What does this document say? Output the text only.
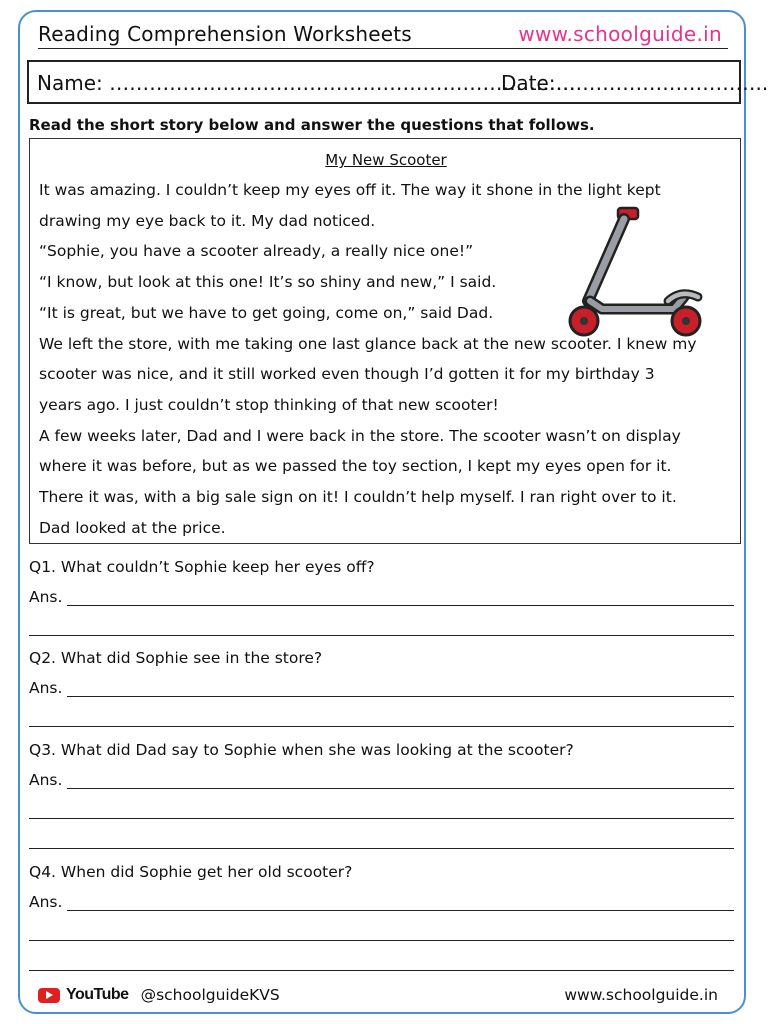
Reading Comprehension Worksheets	www.schoolguide.in
Name: …………………………………………………………….
Date:…………………………..
Read the short story below and answer the questions that follows.
My New Scooter
It was amazing. I couldn’t keep my eyes off it. The way it shone in the light kept
drawing my eye back to it. My dad noticed.
“Sophie, you have a scooter already, a really nice one!”
“I know, but look at this one! It’s so shiny and new,” I said.
“It is great, but we have to get going, come on,” said Dad.
We left the store, with me taking one last glance back at the new scooter. I knew my
scooter was nice, and it still worked even though I’d gotten it for my birthday 3
years ago. I just couldn’t stop thinking of that new scooter!
A few weeks later, Dad and I were back in the store. The scooter wasn’t on display
where it was before, but as we passed the toy section, I kept my eyes open for it.
There it was, with a big sale sign on it! I couldn’t help myself. I ran right over to it.
Dad looked at the price.
Q1. What couldn’t Sophie keep her eyes off?
Ans.
Q2. What did Sophie see in the store?
Ans.
Q3. What did Dad say to Sophie when she was looking at the scooter?
Ans.
Q4. When did Sophie get her old scooter?
Ans.
YouTube @schoolguideKVS	www.schoolguide.in
